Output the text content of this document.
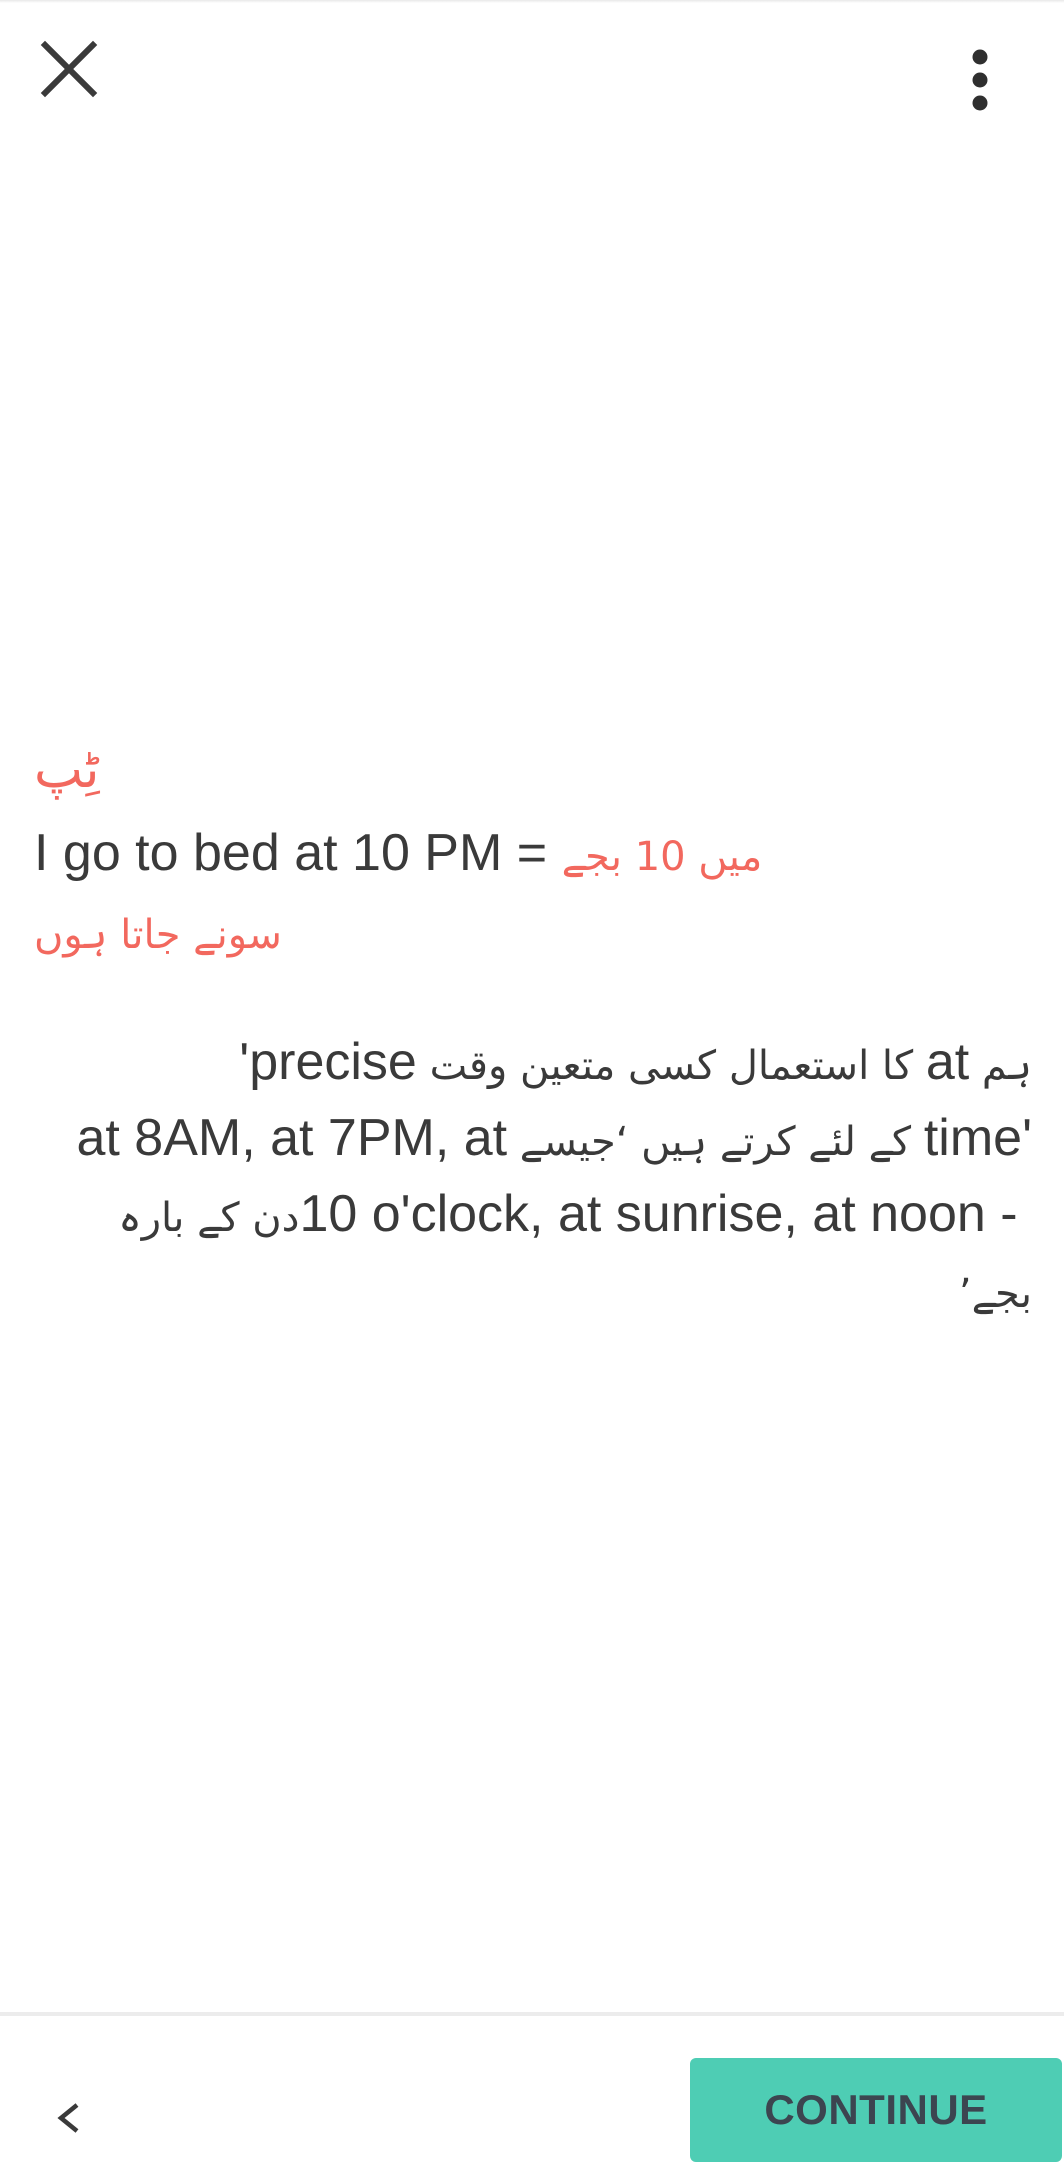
ٹِپ
I go to bed at 10 PM = میں 10 بجے
سونے جاتا ہوں
ہم at کا استعمال کسی متعین وقت 'precise
time' کے لئے کرتے ہیں ‘جیسے at 8AM, at 7PM, at 10 o'clock, at sunrise, at noon - دن کے بارہ بجے’
CONTINUE
